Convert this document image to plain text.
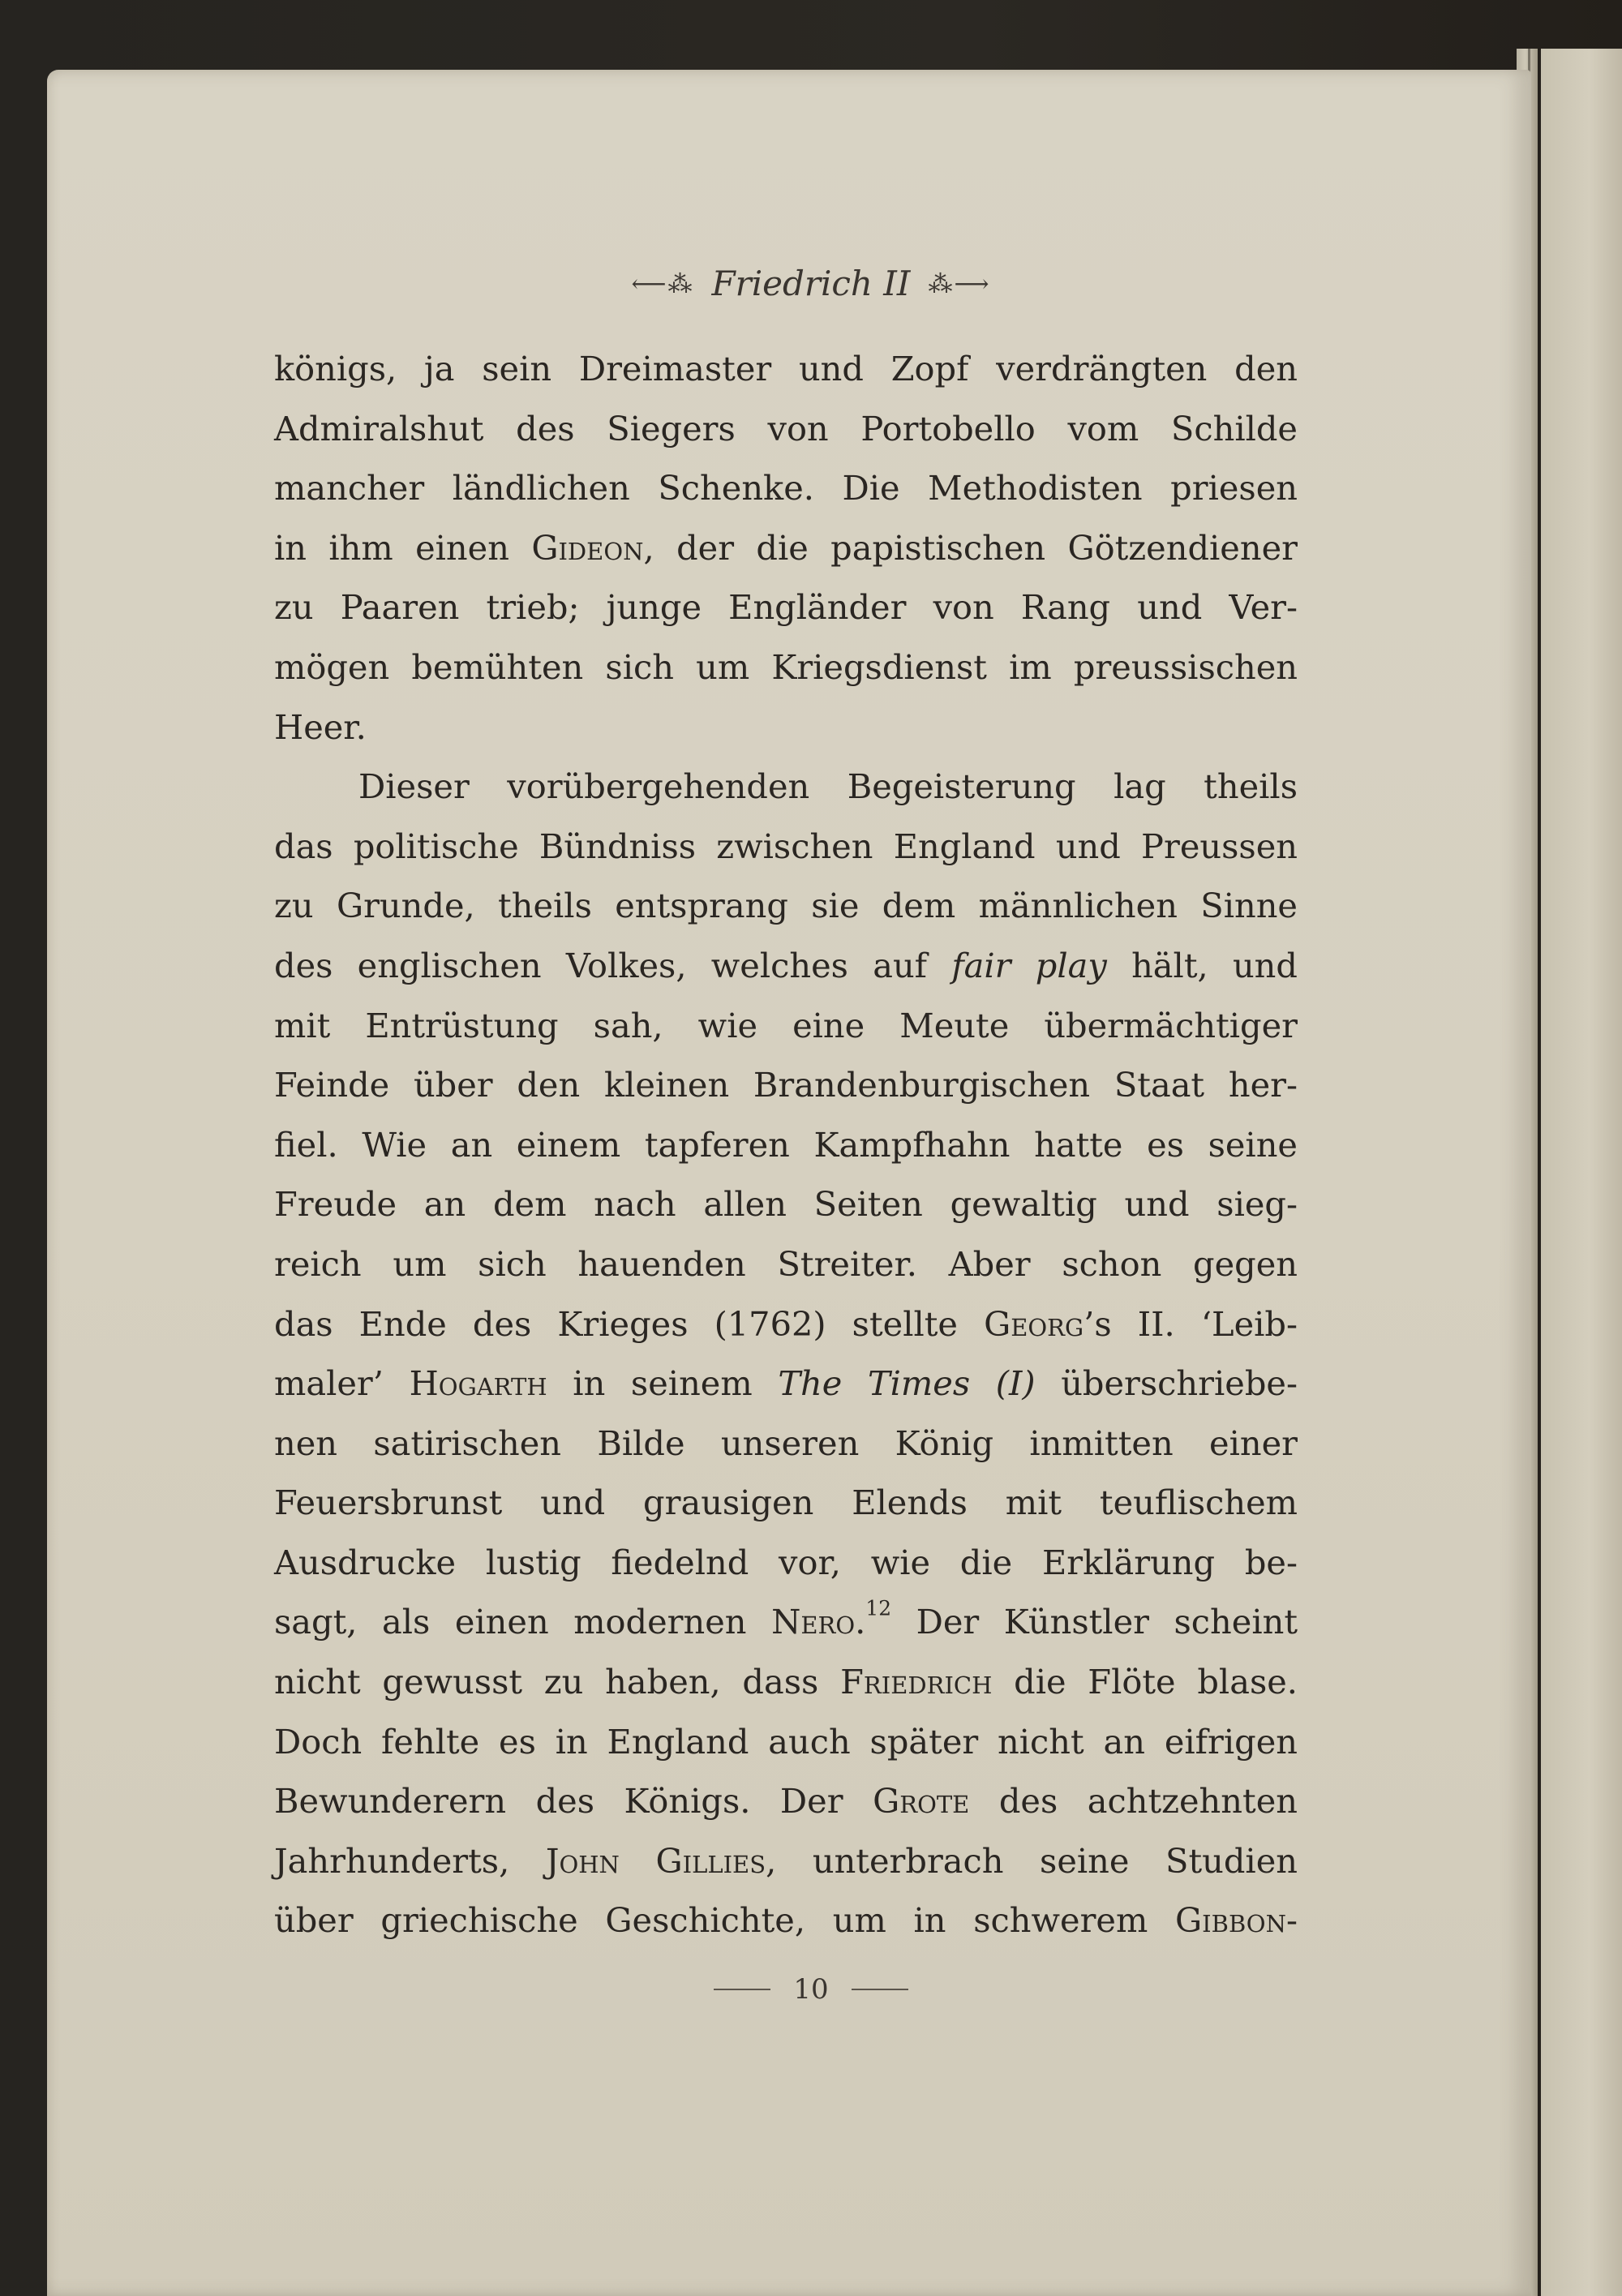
⟵⁂ Friedrich II ⁂⟶
königs, ja sein Dreimaster und Zopf verdrängten den
Admiralshut des Siegers von Portobello vom Schilde
mancher ländlichen Schenke. Die Methodisten priesen
in ihm einen Gideon, der die papistischen Götzendiener
zu Paaren trieb; junge Engländer von Rang und Ver-
mögen bemühten sich um Kriegsdienst im preussischen
Heer.
Dieser vorübergehenden Begeisterung lag theils
das politische Bündniss zwischen England und Preussen
zu Grunde, theils entsprang sie dem männlichen Sinne
des englischen Volkes, welches auf fair play hält, und
mit Entrüstung sah, wie eine Meute übermächtiger
Feinde über den kleinen Brandenburgischen Staat her-
fiel. Wie an einem tapferen Kampfhahn hatte es seine
Freude an dem nach allen Seiten gewaltig und sieg-
reich um sich hauenden Streiter. Aber schon gegen
das Ende des Krieges (1762) stellte Georg’s II. ‘Leib-
maler’ Hogarth in seinem The Times (I) überschriebe-
nen satirischen Bilde unseren König inmitten einer
Feuersbrunst und grausigen Elends mit teuflischem
Ausdrucke lustig fiedelnd vor, wie die Erklärung be-
sagt, als einen modernen Nero.$^{12}$ Der Künstler scheint
nicht gewusst zu haben, dass Friedrich die Flöte blase.
Doch fehlte es in England auch später nicht an eifrigen
Bewunderern des Königs. Der Grote des achtzehnten
Jahrhunderts, John Gillies, unterbrach seine Studien
über griechische Geschichte, um in schwerem Gibbon-
10
